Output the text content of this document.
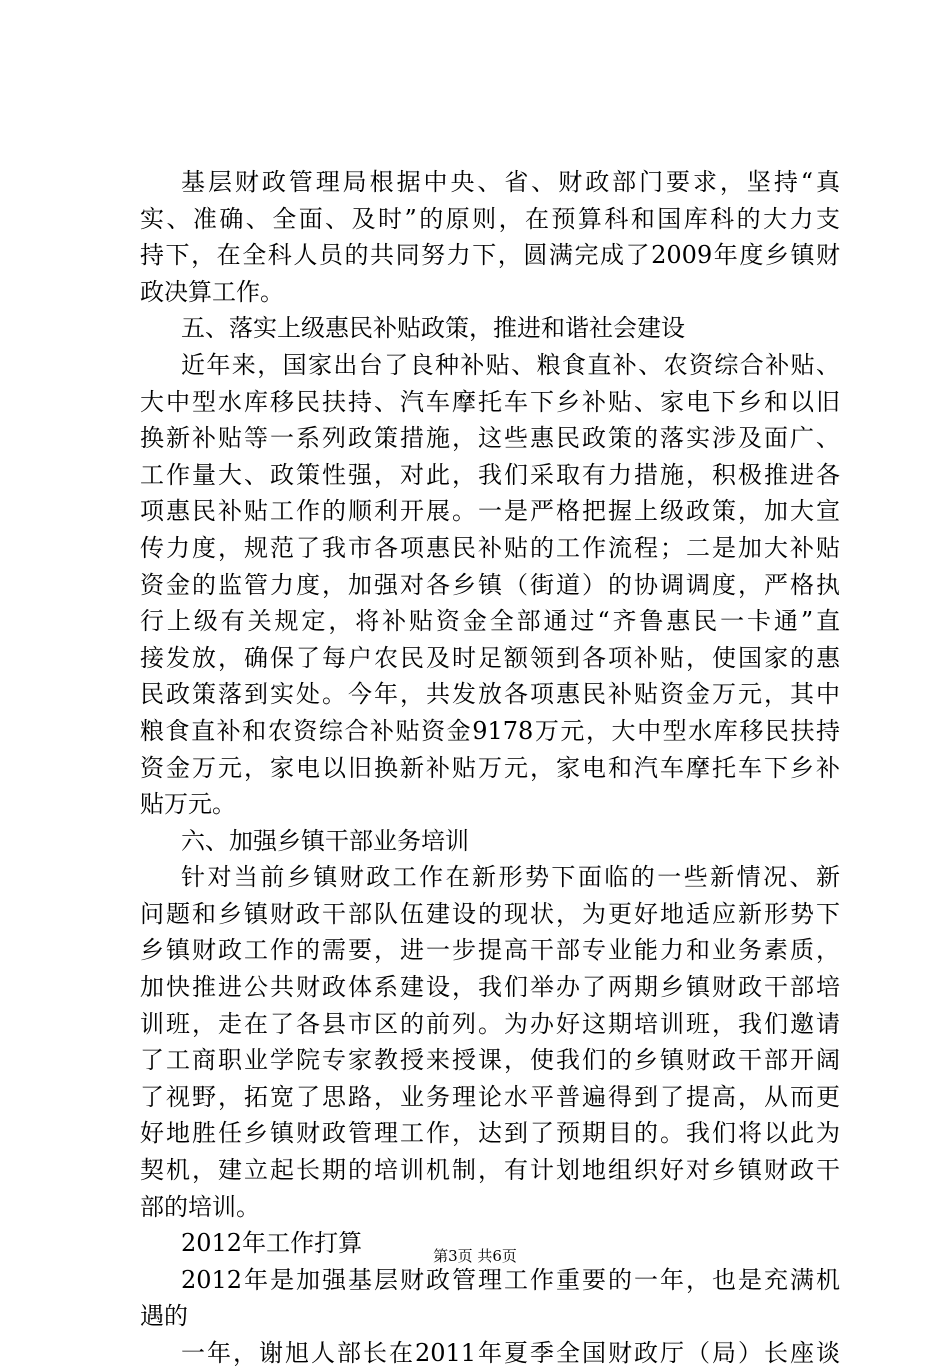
基层财政管理局根据中央、省、财政部门要求，坚持“真
实、准确、全面、及时”的原则，在预算科和国库科的大力支
持下，在全科人员的共同努力下，圆满完成了2009年度乡镇财
政决算工作。
五、落实上级惠民补贴政策，推进和谐社会建设
近年来，国家出台了良种补贴、粮食直补、农资综合补贴、
大中型水库移民扶持、汽车摩托车下乡补贴、家电下乡和以旧
换新补贴等一系列政策措施，这些惠民政策的落实涉及面广、
工作量大、政策性强，对此，我们采取有力措施，积极推进各
项惠民补贴工作的顺利开展。一是严格把握上级政策，加大宣
传力度，规范了我市各项惠民补贴的工作流程；二是加大补贴
资金的监管力度，加强对各乡镇（街道）的协调调度，严格执
行上级有关规定，将补贴资金全部通过“齐鲁惠民一卡通”直
接发放，确保了每户农民及时足额领到各项补贴，使国家的惠
民政策落到实处。今年，共发放各项惠民补贴资金万元，其中
粮食直补和农资综合补贴资金9178万元，大中型水库移民扶持
资金万元，家电以旧换新补贴万元，家电和汽车摩托车下乡补
贴万元。
六、加强乡镇干部业务培训
针对当前乡镇财政工作在新形势下面临的一些新情况、新
问题和乡镇财政干部队伍建设的现状，为更好地适应新形势下
乡镇财政工作的需要，进一步提高干部专业能力和业务素质，
加快推进公共财政体系建设，我们举办了两期乡镇财政干部培
训班，走在了各县市区的前列。为办好这期培训班，我们邀请
了工商职业学院专家教授来授课，使我们的乡镇财政干部开阔
了视野，拓宽了思路，业务理论水平普遍得到了提高，从而更
好地胜任乡镇财政管理工作，达到了预期目的。我们将以此为
契机，建立起长期的培训机制，有计划地组织好对乡镇财政干
部的培训。
2012年工作打算
2012年是加强基层财政管理工作重要的一年，也是充满机
遇的
一年，谢旭人部长在2011年夏季全国财政厅（局）长座谈
第3页 共6页
